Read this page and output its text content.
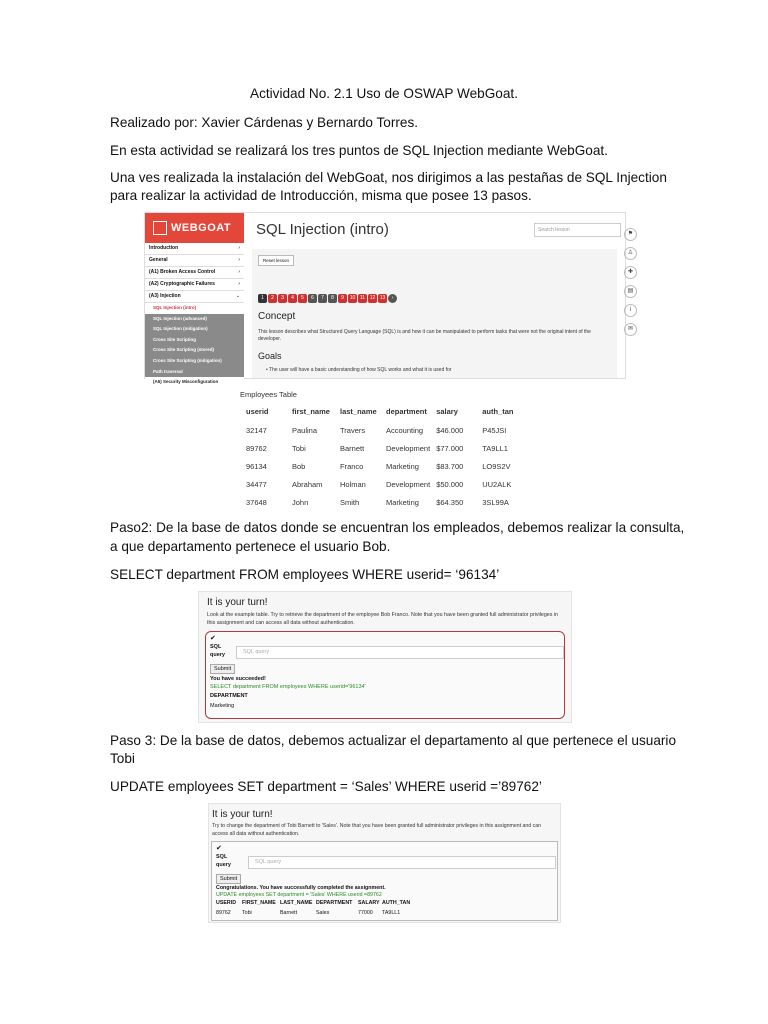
Actividad No. 2.1 Uso de OSWAP WebGoat.
Realizado por: Xavier Cárdenas y Bernardo Torres.
En esta actividad se realizará los tres puntos de SQL Injection mediante WebGoat.
Una ves realizada la instalación del WebGoat, nos dirigimos a las pestañas de SQL Injection
para realizar la actividad de Introducción, misma que posee 13 pasos.
WEBGOAT
Introduction	›
General	›
(A1) Broken Access Control	›
(A2) Cryptographic Failures	›
(A3) Injection	⌄
SQL Injection (intro)
SQL Injection (advanced)
SQL Injection (mitigation)
Cross Site Scripting
Cross Site Scripting (stored)
Cross Site Scripting (mitigation)
Path traversal
(A5) Security Misconfiguration
SQL Injection (intro)	Search lesson
⚑♙✚▤i✉
Reset lesson
1 2 3 4 5 6 7 8 9 10 11 12 13 ›
Concept
This lesson describes what Structured Query Language (SQL) is and how it can be manipulated to perform tasks that were not the original intent of the developer.
Goals
• The user will have a basic understanding of how SQL works and what it is used for
Employees Table
userid	first_name	last_name	department	salary	auth_tan
32147	Paulina	Travers	Accounting	$46.000	P45JSI
89762	Tobi	Barnett	Development	$77.000	TA9LL1
96134	Bob	Franco	Marketing	$83.700	LO9S2V
34477	Abraham	Holman	Development	$50.000	UU2ALK
37648	John	Smith	Marketing	$64.350	3SL99A
Paso2: De la base de datos donde se encuentran los empleados, debemos realizar la consulta,
a que departamento pertenece el usuario Bob.
SELECT department FROM employees WHERE userid= ‘96134’
It is your turn!
Look at the example table. Try to retrieve the department of the employee Bob Franco. Note that you have been granted full administrator privileges in this assignment and can access all data without authentication.
✔
SQL query	SQL query
Submit
You have succeeded!
SELECT department FROM employees WHERE userid='96134'
DEPARTMENT
Marketing
Paso 3: De la base de datos, debemos actualizar el departamento al que pertenece el usuario
Tobi
UPDATE employees SET department = ‘Sales’ WHERE userid =’89762’
It is your turn!
Try to change the department of Tobi Barnett to 'Sales'. Note that you have been granted full administrator privileges in this assignment and can access all data without authentication.
✔
SQL query	SQL query
Submit
Congratulations. You have successfully completed the assignment.
UPDATE employees SET department = 'Sales' WHERE userid =89762
USERID FIRST_NAME LAST_NAME DEPARTMENT SALARY AUTH_TAN
89762 Tobi	Barnett	Sales	77000 TA9LL1
